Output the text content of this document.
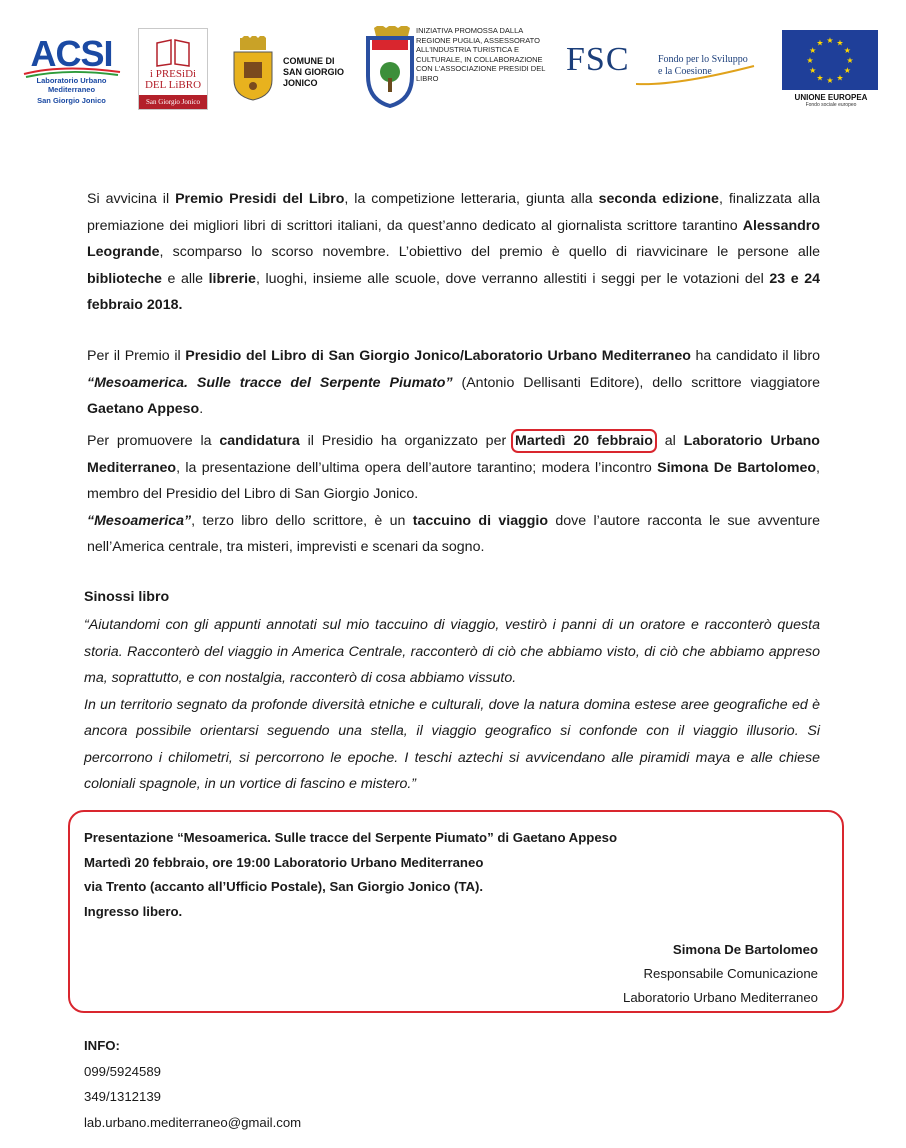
ACSI
Laboratorio Urbano Mediterraneo
San Giorgio Jonico
i PRESiDi
DEL LiBRO
San Giorgio Jonico
COMUNE DI
SAN GIORGIO
JONICO
INIZIATIVA PROMOSSA DALLA REGIONE PUGLIA, ASSESSORATO ALL'INDUSTRIA TURISTICA E CULTURALE, IN COLLABORAZIONE CON L'ASSOCIAZIONE PRESIDI DEL LIBRO
FSC	Fondo per lo Sviluppo
e la Coesione
★ ★
★
★
★
★
★
★
★
★
★
★
UNIONE EUROPEA
Fondo sociale europeo
Si avvicina il Premio Presidi del Libro, la competizione letteraria, giunta alla seconda edizione, finalizzata alla premiazione dei migliori libri di scrittori italiani, da quest’anno dedicato al giornalista scrittore tarantino Alessandro Leogrande, scomparso lo scorso novembre. L’obiettivo del premio è quello di riavvicinare le persone alle biblioteche e alle librerie, luoghi, insieme alle scuole, dove verranno allestiti i seggi per le votazioni del 23 e 24 febbraio 2018.
Per il Premio il Presidio del Libro di San Giorgio Jonico/Laboratorio Urbano Mediterraneo ha candidato il libro “Mesoamerica. Sulle tracce del Serpente Piumato” (Antonio Dellisanti Editore), dello scrittore viaggiatore Gaetano Appeso.
Per promuovere la candidatura il Presidio ha organizzato per Martedì 20 febbraio al Laboratorio Urbano Mediterraneo, la presentazione dell’ultima opera dell’autore tarantino; modera l’incontro Simona De Bartolomeo, membro del Presidio del Libro di San Giorgio Jonico.
“Mesoamerica”, terzo libro dello scrittore, è un taccuino di viaggio dove l’autore racconta le sue avventure nell’America centrale, tra misteri, imprevisti e scenari da sogno.
Sinossi libro
“Aiutandomi con gli appunti annotati sul mio taccuino di viaggio, vestirò i panni di un oratore e racconterò questa storia. Racconterò del viaggio in America Centrale, racconterò di ciò che abbiamo visto, di ciò che abbiamo appreso ma, soprattutto, e con nostalgia, racconterò di cosa abbiamo vissuto.
In un territorio segnato da profonde diversità etniche e culturali, dove la natura domina estese aree geografiche ed è ancora possibile orientarsi seguendo una stella, il viaggio geografico si confonde con il viaggio illusorio. Si percorrono i chilometri, si percorrono le epoche. I teschi aztechi si avvicendano alle piramidi maya e alle chiese coloniali spagnole, in un vortice di fascino e mistero.”
Presentazione “Mesoamerica. Sulle tracce del Serpente Piumato” di Gaetano Appeso
Martedì 20 febbraio, ore 19:00 Laboratorio Urbano Mediterraneo
via Trento (accanto all’Ufficio Postale), San Giorgio Jonico (TA).
Ingresso libero.
Simona De Bartolomeo
Responsabile Comunicazione
Laboratorio Urbano Mediterraneo
INFO:
099/5924589
349/1312139
lab.urbano.mediterraneo@gmail.com
